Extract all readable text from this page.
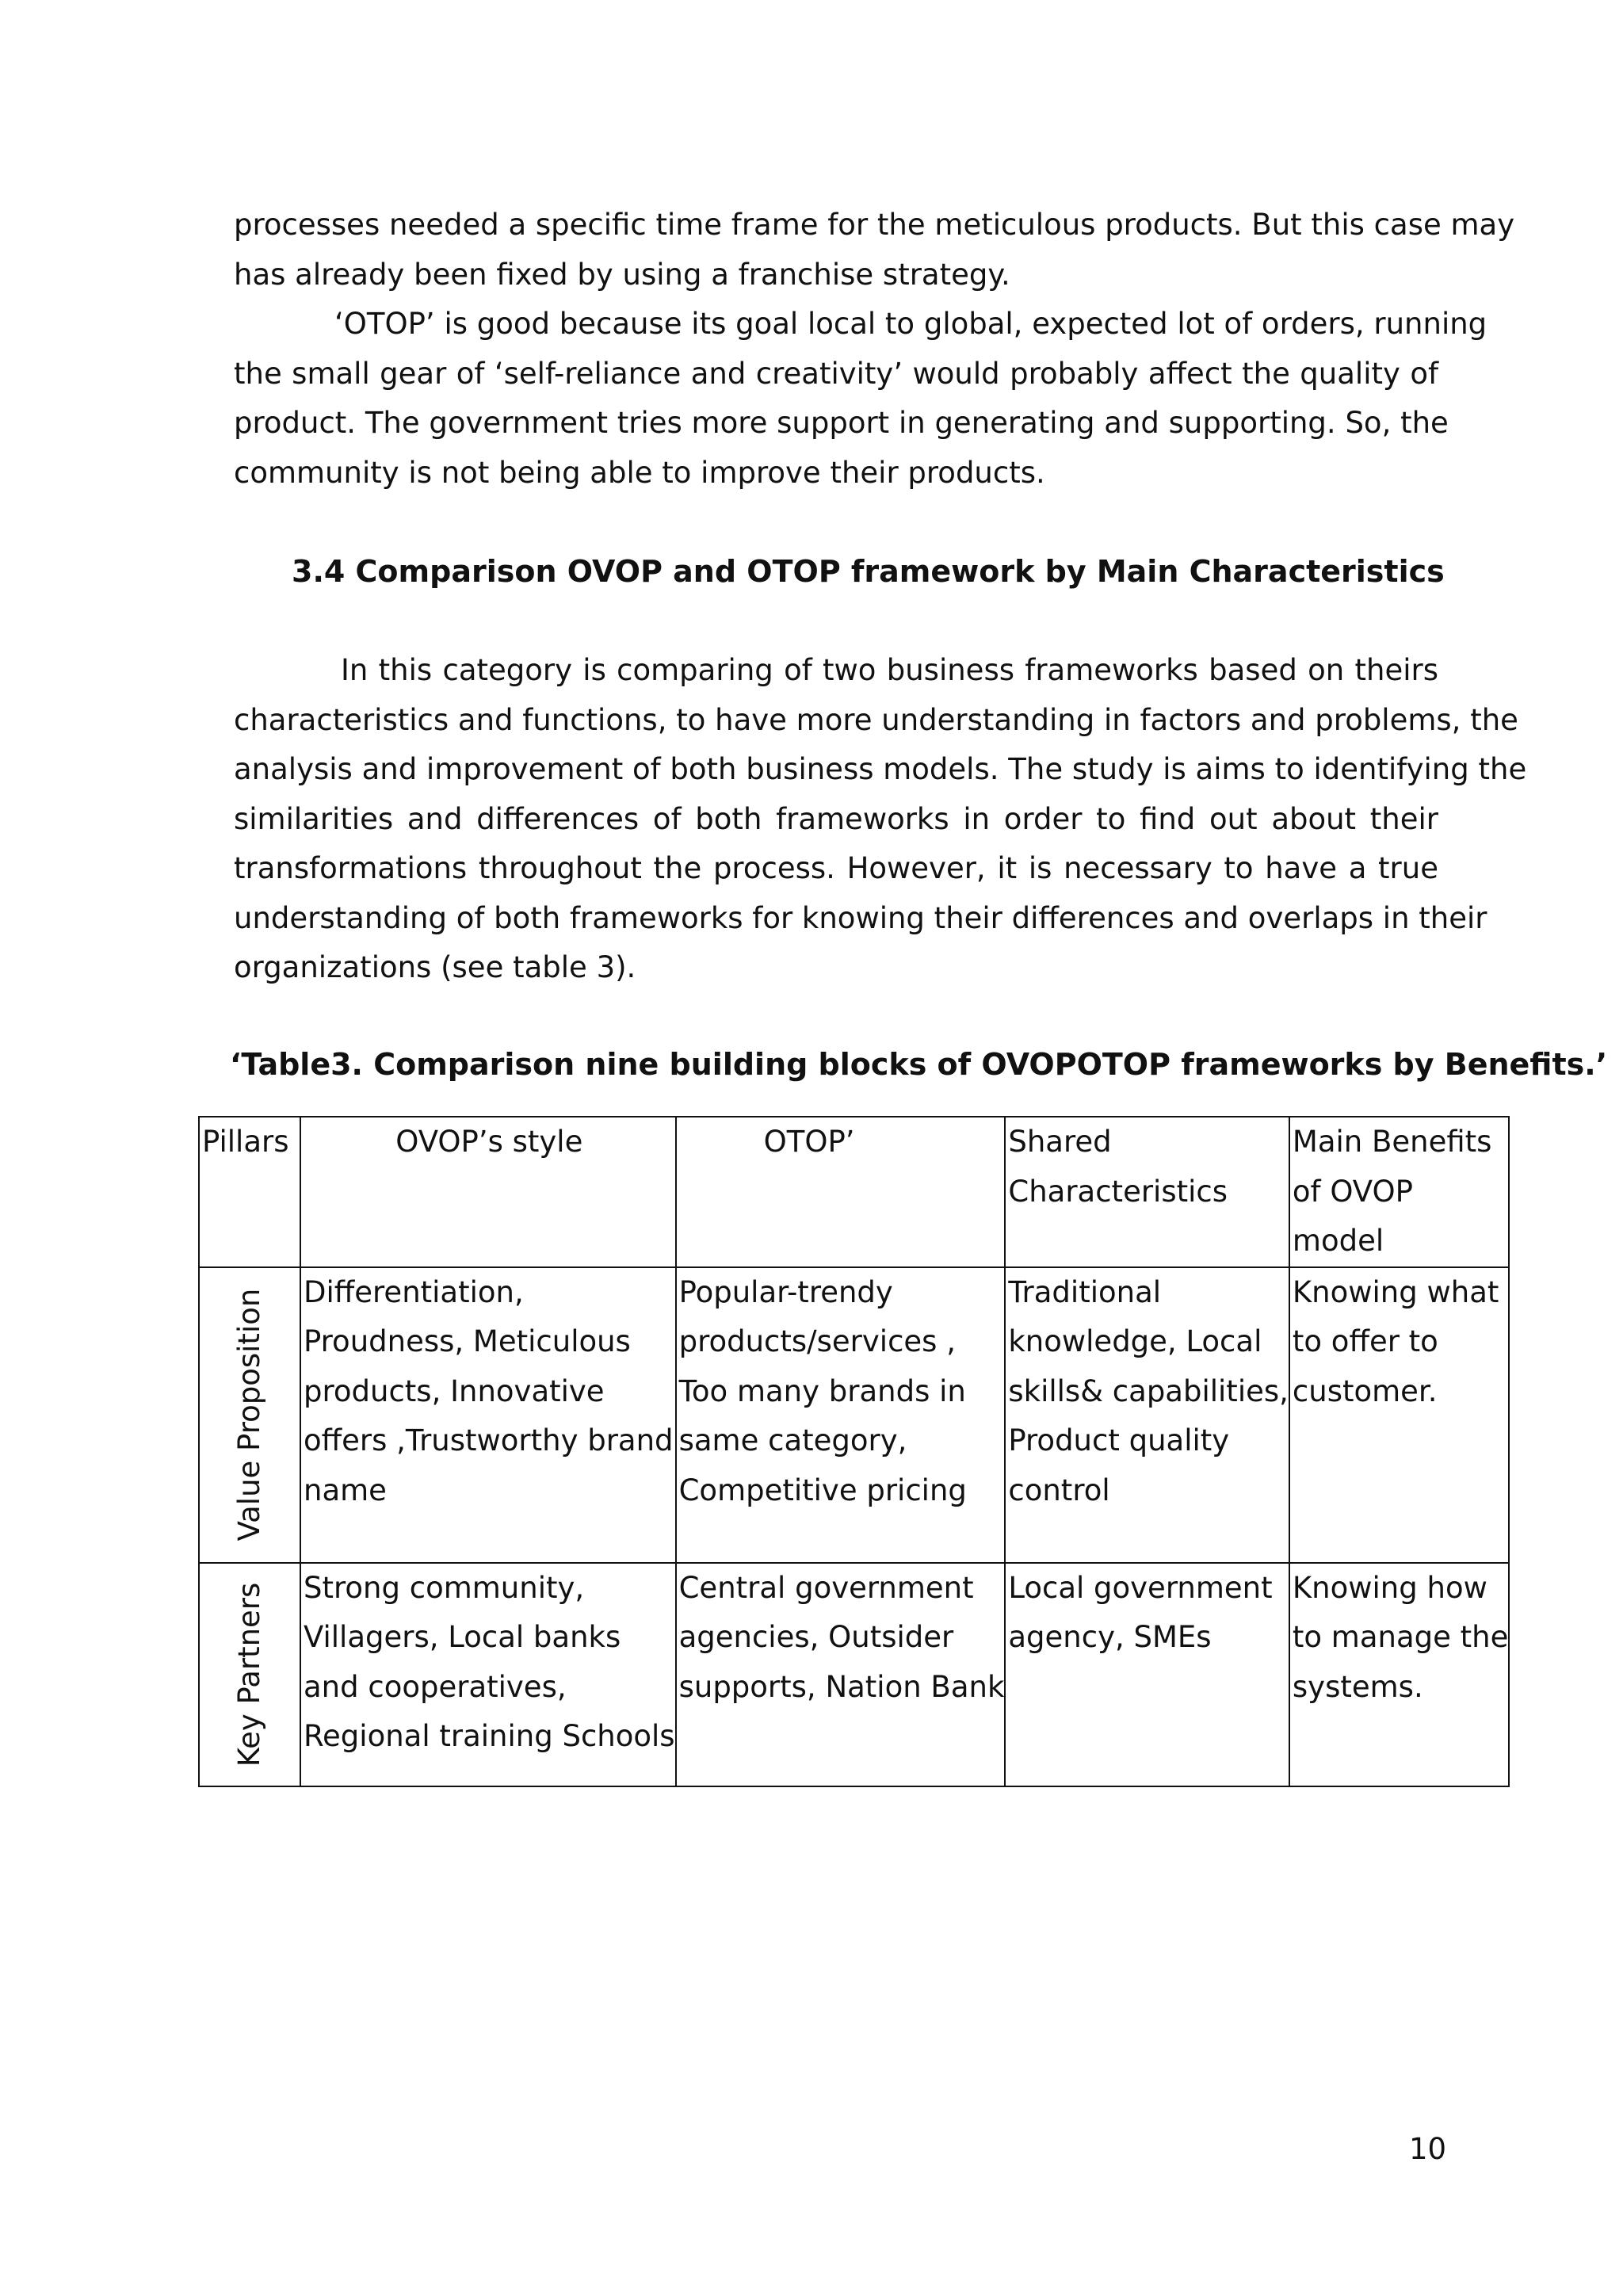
processes needed a specific time frame for the meticulous products. But this case may
has already been fixed by using a franchise strategy.
‘OTOP’ is good because its goal local to global, expected lot of orders, running
the small gear of ‘self-reliance and creativity’ would probably affect the quality of
product. The government tries more support in generating and supporting. So, the
community is not being able to improve their products.

3.4 Comparison OVOP and OTOP framework by Main Characteristics

In this category is comparing of two business frameworks based on theirs
characteristics and functions, to have more understanding in factors and problems, the
analysis and improvement of both business models. The study is aims to identifying the
similarities and differences of both frameworks in order to find out about their
transformations throughout the process. However, it is necessary to have a true
understanding of both frameworks for knowing their differences and overlaps in their
organizations (see table 3).

‘Table3. Comparison nine building blocks of OVOPOTOP frameworks by Benefits.’

Pillars	OVOP’s style	OTOP’	Shared
Characteristics	Main Benefits
of OVOP
model

Value Proposition	Differentiation,
Proudness, Meticulous
products, Innovative
offers ,Trustworthy brand
name	Popular-trendy
products/services ,
Too many brands in
same category,
Competitive pricing	Traditional
knowledge, Local
skills& capabilities,
Product quality
control	Knowing what
to offer to
customer.

Key Partners	Strong community,
Villagers, Local banks
and cooperatives,
Regional training Schools	Central government
agencies, Outsider
supports, Nation Bank	Local government
agency, SMEs	Knowing how
to manage the
systems.

10
